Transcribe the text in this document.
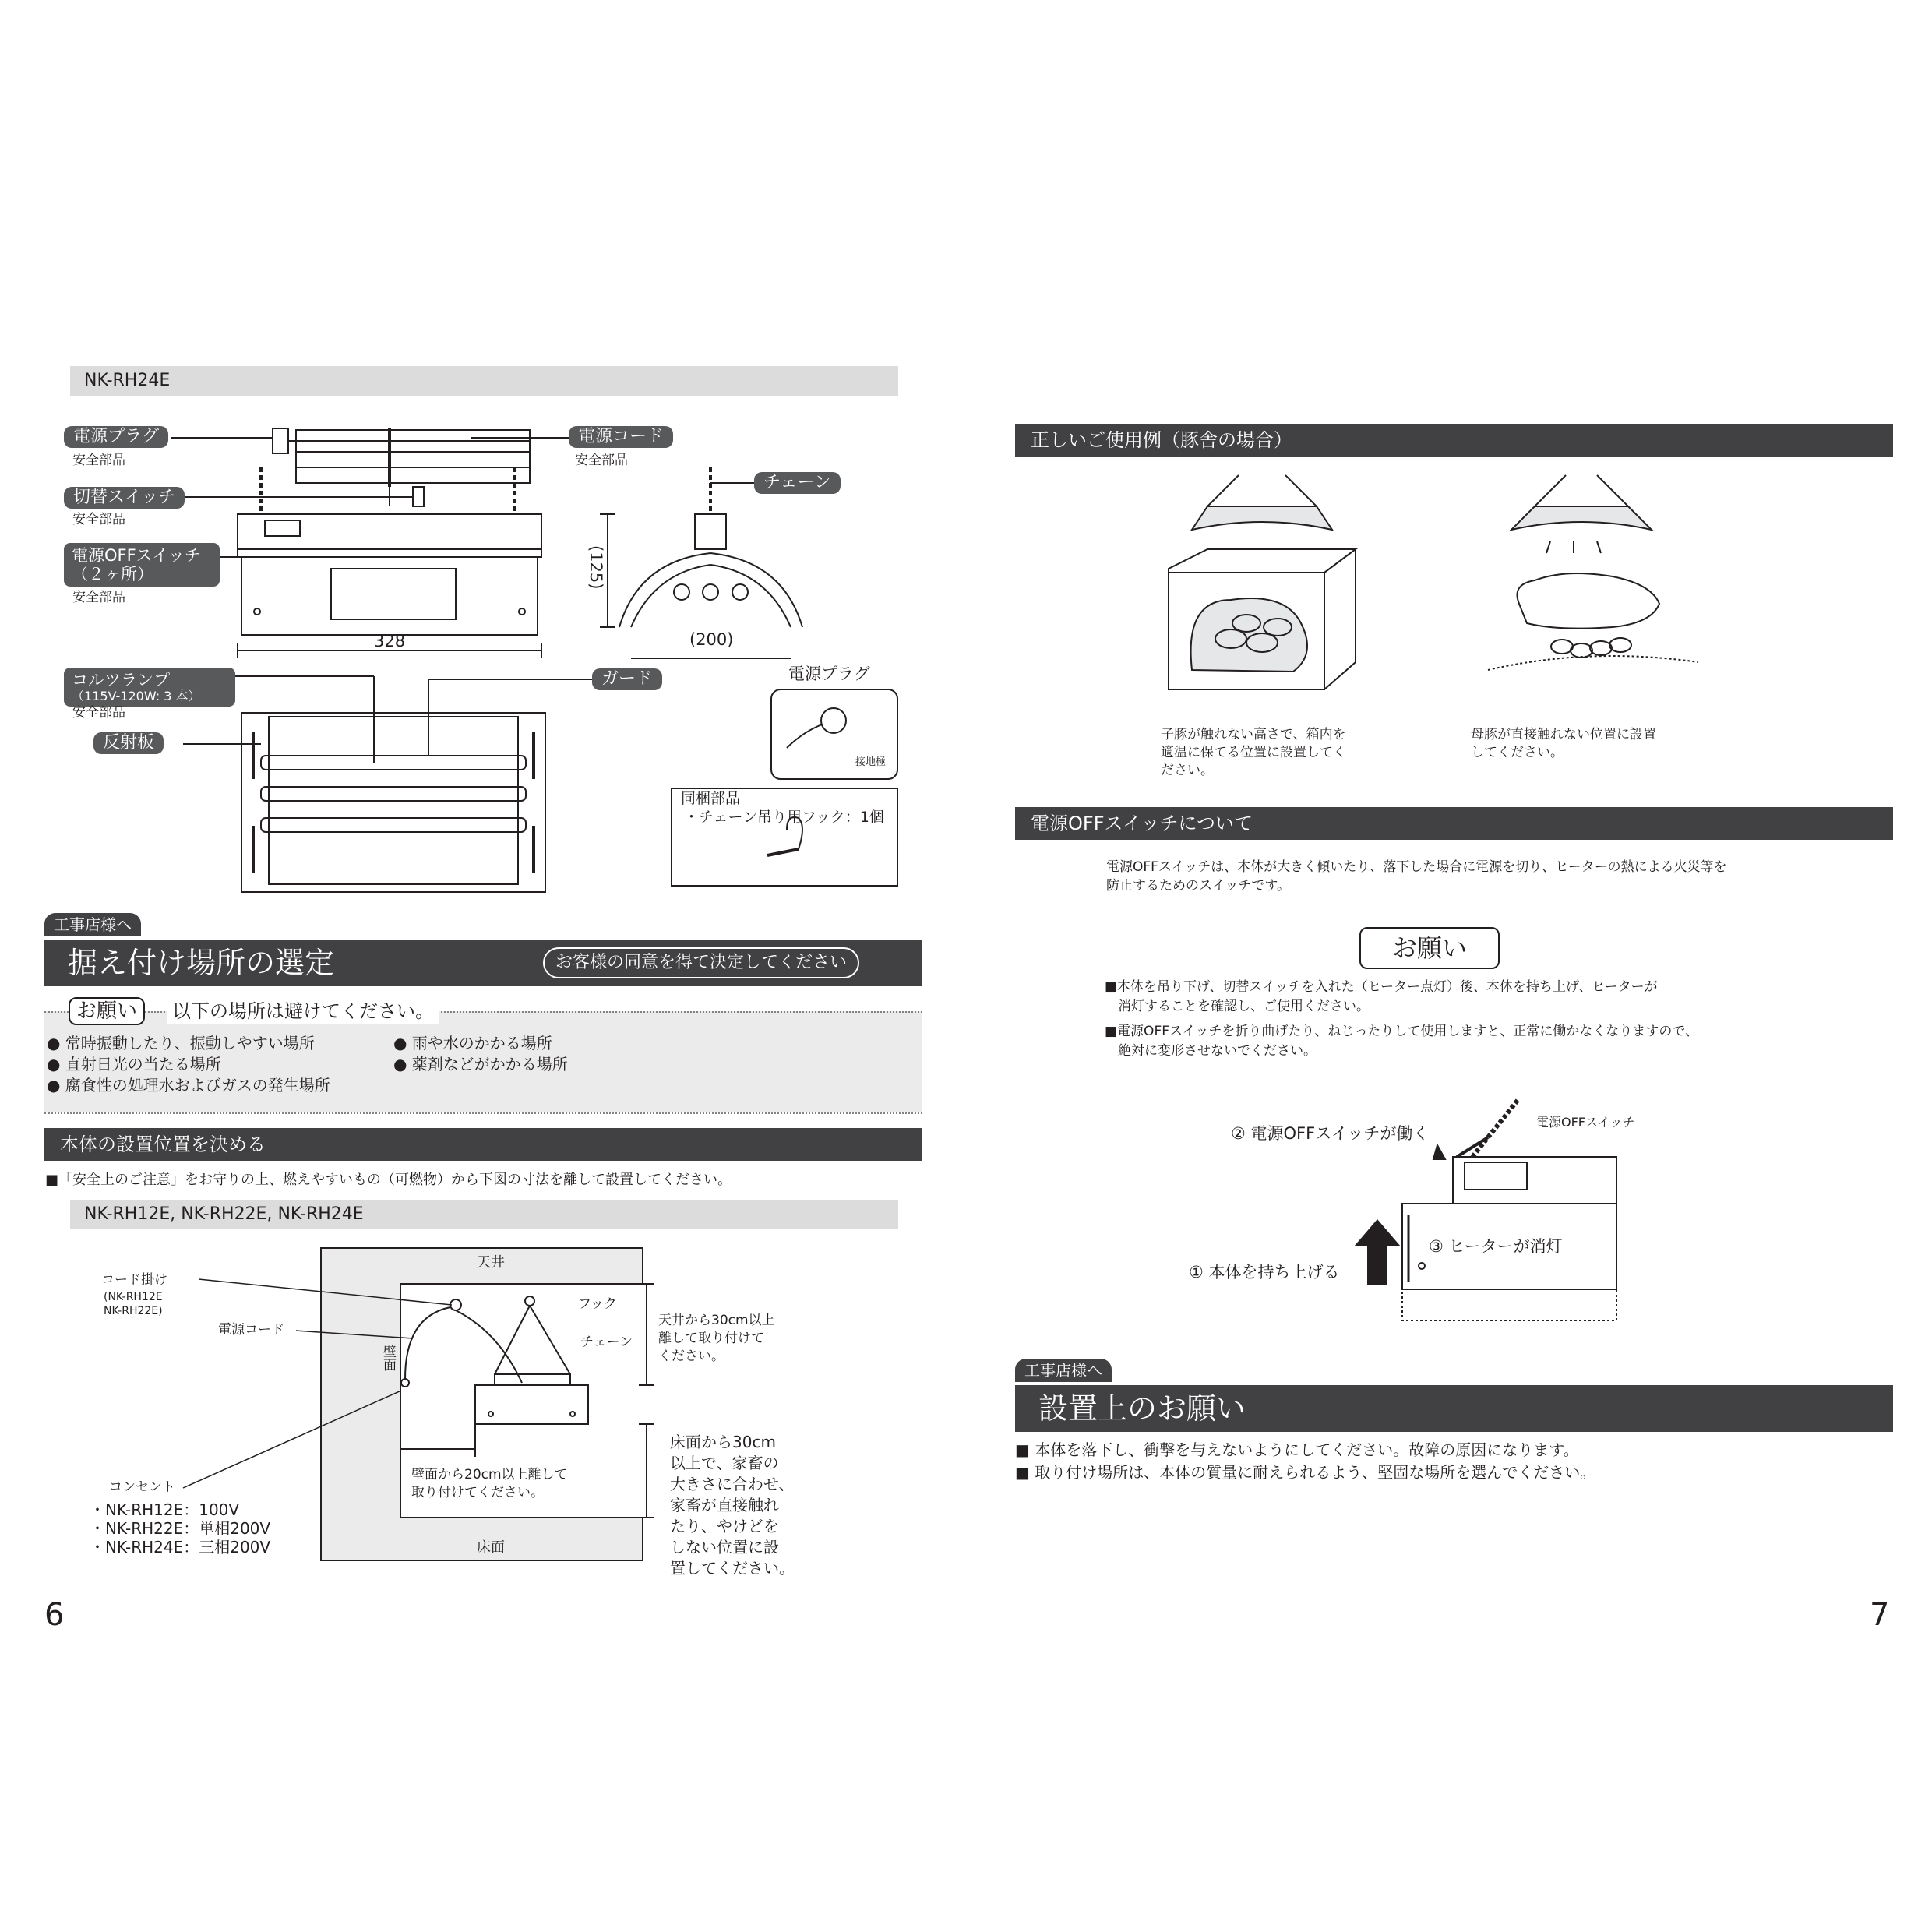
NK-RH24E
電源プラグ
安全部品
電源コード
安全部品
チェーン
切替スイッチ
安全部品
電源OFFスイッチ
（２ヶ所）
安全部品
328
(125)
(200)
コルツランプ
（115V-120W: 3 本）
安全部品
ガード
反射板
電源プラグ
接地極
同梱部品
・チェーン吊り用フック：1個
工事店様へ
据え付け場所の選定	お客様の同意を得て決定してください
お願い	以下の場所は避けてください。
● 常時振動したり、振動しやすい場所
● 直射日光の当たる場所
● 腐食性の処理水およびガスの発生場所
● 雨や水のかかる場所
● 薬剤などがかかる場所
本体の設置位置を決める
■「安全上のご注意」をお守りの上、燃えやすいもの（可燃物）から下図の寸法を離して設置してください。
NK-RH12E, NK-RH22E, NK-RH24E
天井
床面
壁面
コード掛け
(NK-RH12E
NK-RH22E)
電源コード
フック
チェーン
天井から30cm以上
離して取り付けて
ください。
壁面から20cm以上離して
取り付けてください。
床面から30cm
以上で、家畜の
大きさに合わせ、
家畜が直接触れ
たり、やけどを
しない位置に設
置してください。
コンセント
・NK-RH12E：100V
・NK-RH22E：単相200V
・NK-RH24E：三相200V
6
正しいご使用例（豚舎の場合）
子豚が触れない高さで、箱内を
適温に保てる位置に設置してく
ださい。
母豚が直接触れない位置に設置
してください。
電源OFFスイッチについて
電源OFFスイッチは、本体が大きく傾いたり、落下した場合に電源を切り、ヒーターの熱による火災等を
防止するためのスイッチです。
お願い
■本体を吊り下げ、切替スイッチを入れた（ヒーター点灯）後、本体を持ち上げ、ヒーターが
　消灯することを確認し、ご使用ください。
■電源OFFスイッチを折り曲げたり、ねじったりして使用しますと、正常に働かなくなりますので、
　絶対に変形させないでください。
電源OFFスイッチ
② 電源OFFスイッチが働く
③ ヒーターが消灯
① 本体を持ち上げる
工事店様へ
設置上のお願い
■ 本体を落下し、衝撃を与えないようにしてください。故障の原因になります。
■ 取り付け場所は、本体の質量に耐えられるよう、堅固な場所を選んでください。
7
